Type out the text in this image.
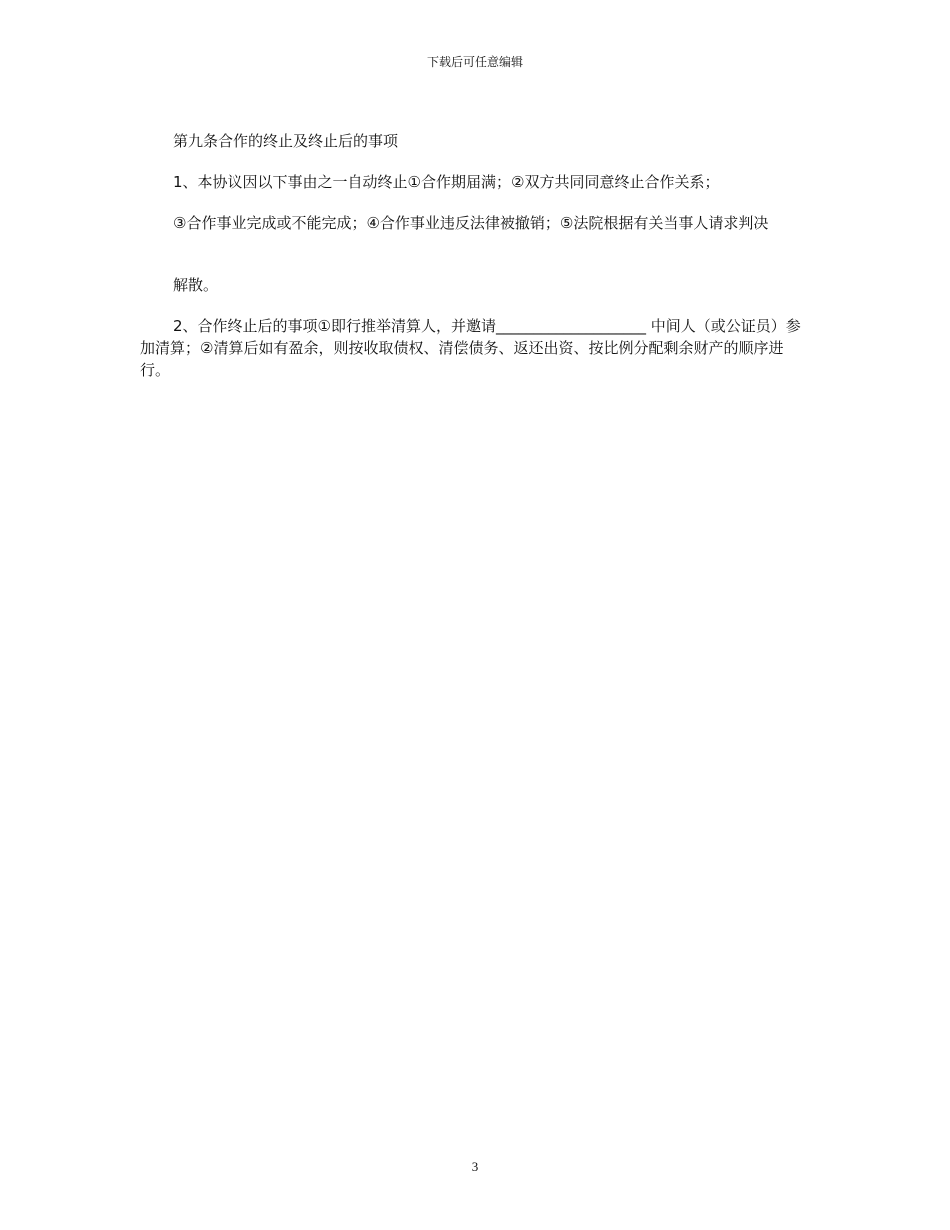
下载后可任意编辑

第九条合作的终止及终止后的事项

1、本协议因以下事由之一自动终止①合作期届满；②双方共同同意终止合作关系；

③合作事业完成或不能完成；④合作事业违反法律被撤销；⑤法院根据有关当事人请求判决

解散。

2、合作终止后的事项①即行推举清算人，并邀请____________________ 中间人（或公证员）参加清算；②清算后如有盈余，则按收取债权、清偿债务、返还出资、按比例分配剩余财产的顺序进行。

3
